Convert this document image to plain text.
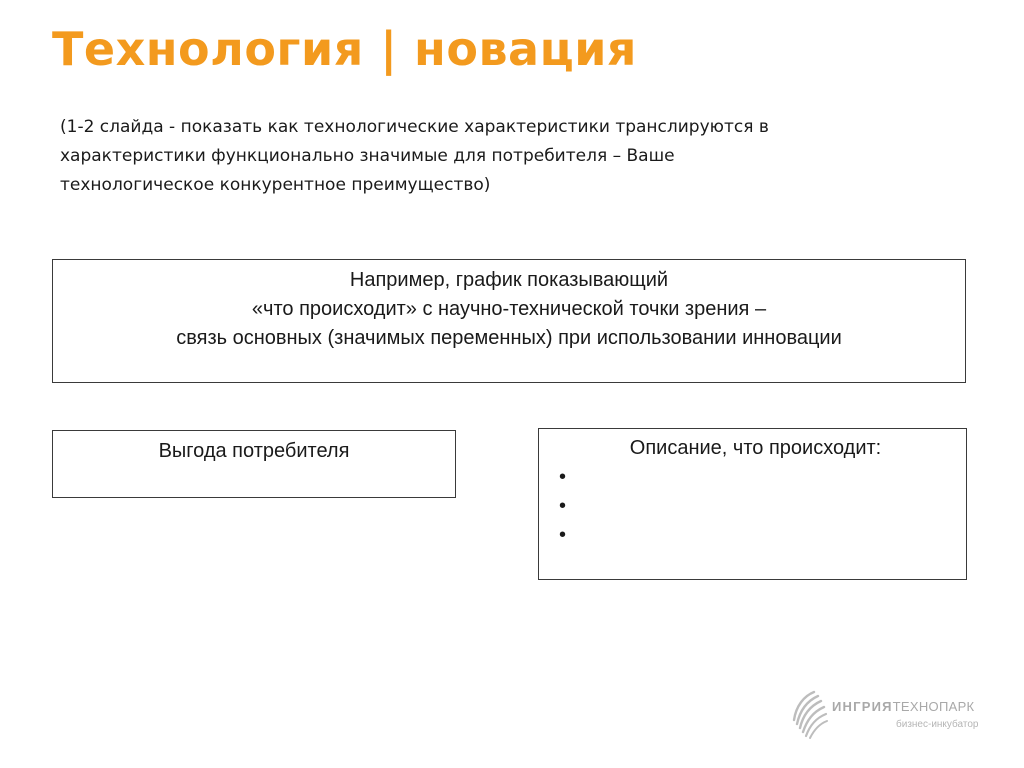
Технология | новация
(1-2 слайда - показать как технологические характеристики транслируются в
характеристики функционально значимые для потребителя – Ваше
технологическое конкурентное преимущество)
Например, график показывающий
«что происходит» с научно-технической точки зрения –
связь основных (значимых переменных) при использовании инновации
Выгода потребителя	Описание, что происходит:
•
•
•
ИНГРИЯТЕХНОПАРК
бизнес-инкубатор
